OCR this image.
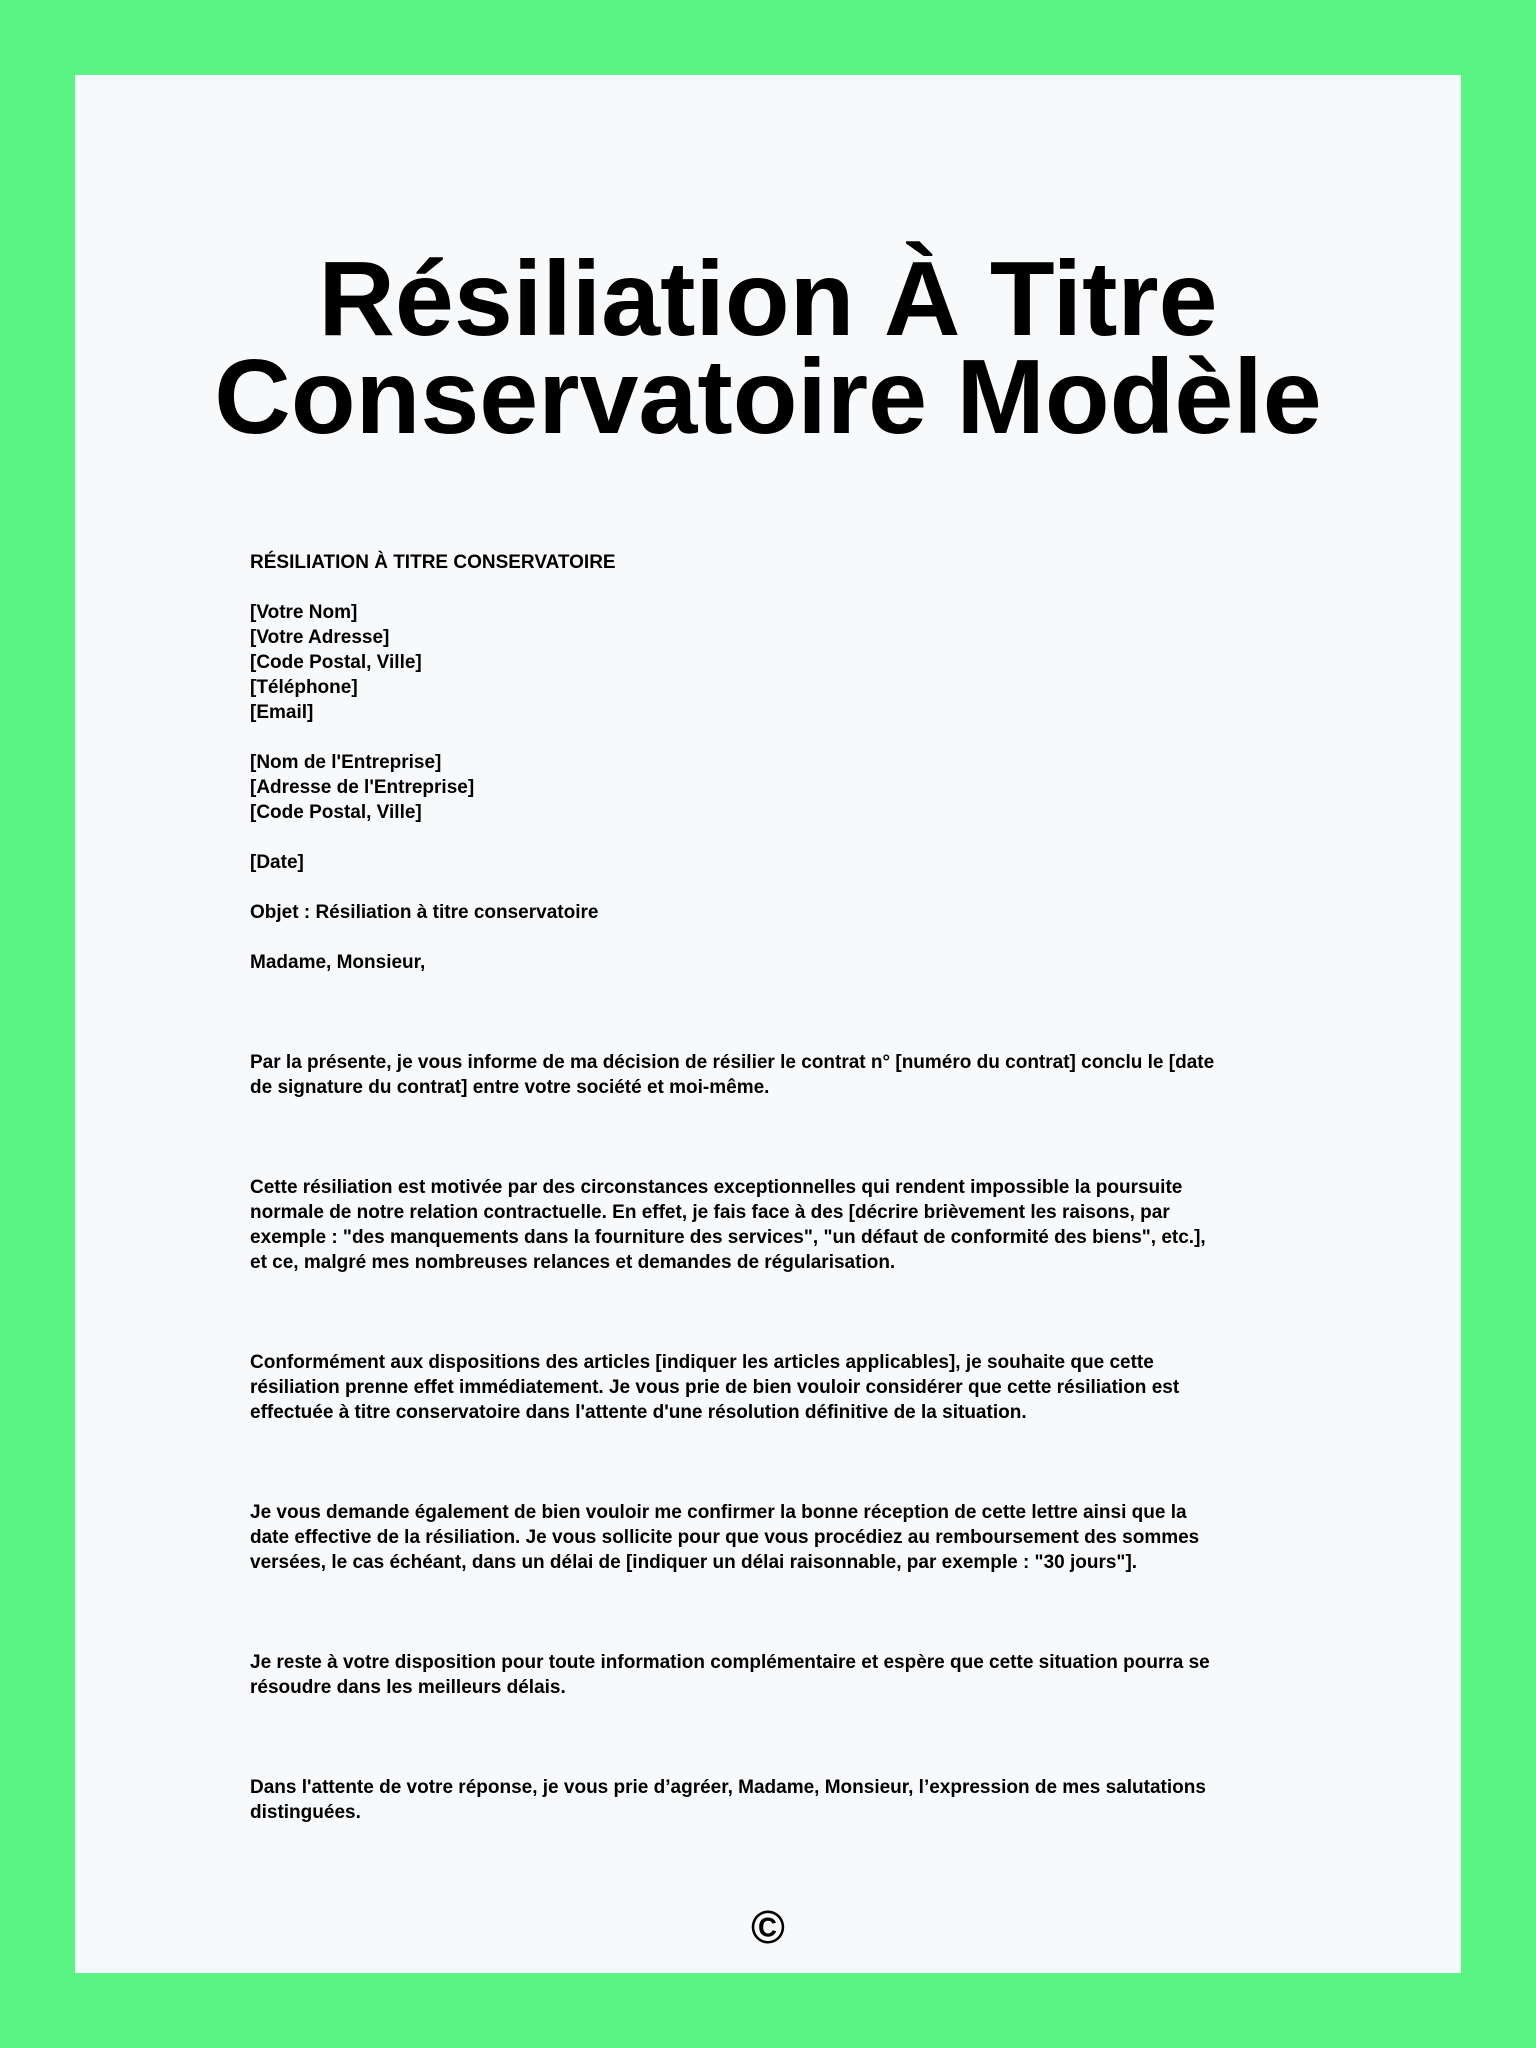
Résiliation À Titre
Conservatoire Modèle

RÉSILIATION À TITRE CONSERVATOIRE

[Votre Nom]
[Votre Adresse]
[Code Postal, Ville]
[Téléphone]
[Email]

[Nom de l'Entreprise]
[Adresse de l'Entreprise]
[Code Postal, Ville]

[Date]

Objet : Résiliation à titre conservatoire

Madame, Monsieur,

Par la présente, je vous informe de ma décision de résilier le contrat n° [numéro du contrat] conclu le [date
de signature du contrat] entre votre société et moi-même.

Cette résiliation est motivée par des circonstances exceptionnelles qui rendent impossible la poursuite
normale de notre relation contractuelle. En effet, je fais face à des [décrire brièvement les raisons, par
exemple : "des manquements dans la fourniture des services", "un défaut de conformité des biens", etc.],
et ce, malgré mes nombreuses relances et demandes de régularisation.

Conformément aux dispositions des articles [indiquer les articles applicables], je souhaite que cette
résiliation prenne effet immédiatement. Je vous prie de bien vouloir considérer que cette résiliation est
effectuée à titre conservatoire dans l'attente d'une résolution définitive de la situation.

Je vous demande également de bien vouloir me confirmer la bonne réception de cette lettre ainsi que la
date effective de la résiliation. Je vous sollicite pour que vous procédiez au remboursement des sommes
versées, le cas échéant, dans un délai de [indiquer un délai raisonnable, par exemple : "30 jours"].

Je reste à votre disposition pour toute information complémentaire et espère que cette situation pourra se
résoudre dans les meilleurs délais.

Dans l'attente de votre réponse, je vous prie d’agréer, Madame, Monsieur, l’expression de mes salutations
distinguées.

©
